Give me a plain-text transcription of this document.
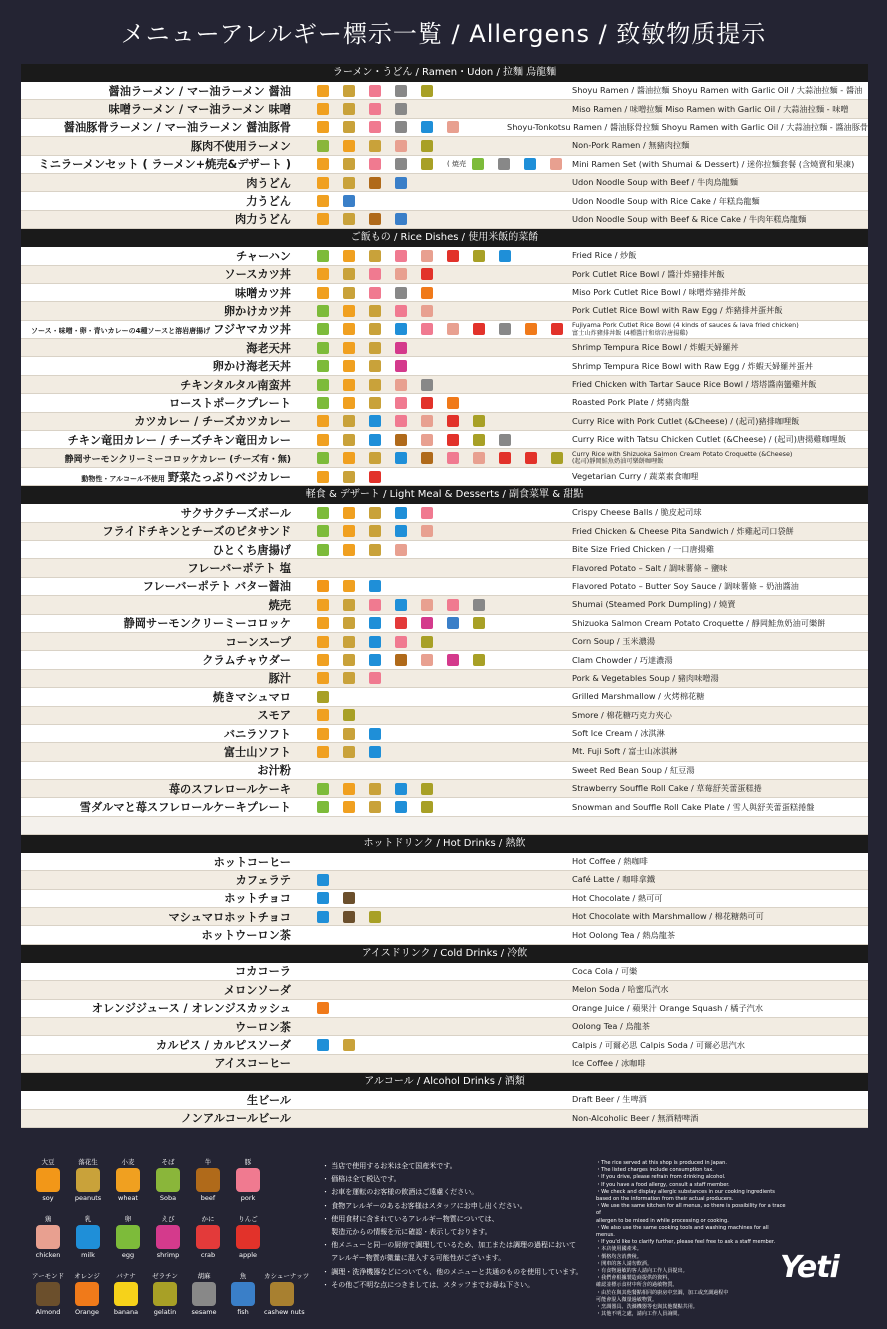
メニューアレルギー標示一覧 / Allergens / 致敏物质提示
ラーメン・うどん / Ramen・Udon / 拉麵 烏龍麵
醤油ラーメン / マー油ラーメン 醤油	Shoyu Ramen / 醬油拉麵 Shoyu Ramen with Garlic Oil / 大蒜油拉麵 - 醬油
味噌ラーメン / マー油ラーメン 味噌	Miso Ramen / 味噌拉麵 Miso Ramen with Garlic Oil / 大蒜油拉麵 - 味噌
醤油豚骨ラーメン / マー油ラーメン 醤油豚骨	Shoyu-Tonkotsu Ramen / 醬油豚骨拉麵 Shoyu Ramen with Garlic Oil / 大蒜油拉麵 - 醬油豚骨
豚肉不使用ラーメン	Non-Pork Ramen / 無豬肉拉麵
ミニラーメンセット ( ラーメン+焼売&デザート )	( 焼売	Mini Ramen Set (with Shumai & Dessert) / 迷你拉麵套餐 (含燒賣和果凍)
肉うどん	Udon Noodle Soup with Beef / 牛肉烏龍麵
力うどん	Udon Noodle Soup with Rice Cake / 年糕烏龍麵
肉力うどん	Udon Noodle Soup with Beef & Rice Cake / 牛肉年糕烏龍麵
ご飯もの / Rice Dishes / 使用米飯的菜餚
チャーハン	Fried Rice / 炒飯
ソースカツ丼	Pork Cutlet Rice Bowl / 醬汁炸豬排丼飯
味噌カツ丼	Miso Pork Cutlet Rice Bowl / 味噌炸豬排丼飯
卵かけカツ丼	Pork Cutlet Rice Bowl with Raw Egg / 炸豬排丼蛋丼飯
ソース・味噌・卵・青いカレーの4種ソースと溶岩唐揚げ フジヤマカツ丼	Fujiyama Pork Cutlet Rice Bowl (4 kinds of sauces & lava fried chicken)
富士山炸豬排丼飯 (4種醬汁和熔岩唐揚雞)
海老天丼	Shrimp Tempura Rice Bowl / 炸蝦天婦羅丼
卵かけ海老天丼	Shrimp Tempura Rice Bowl with Raw Egg / 炸蝦天婦羅丼蛋丼
チキンタルタル南蛮丼	Fried Chicken with Tartar Sauce Rice Bowl / 塔塔醬南蠻雞丼飯
ローストポークプレート	Roasted Pork Plate / 烤豬肉盤
カツカレー / チーズカツカレー	Curry Rice with Pork Cutlet (&Cheese) / (起司)豬排咖哩飯
チキン竜田カレー / チーズチキン竜田カレー	Curry Rice with Tatsu Chicken Cutlet (&Cheese) / (起司)唐揚雞咖哩飯
静岡サーモンクリーミーコロッケカレー (チーズ有・無)
Curry Rice with Shizuoka Salmon Cream Potato Croquette (&Cheese)
(起司)靜岡鮭魚奶油可樂餅咖哩飯
動物性・アルコール不使用 野菜たっぷりベジカレー	Vegetarian Curry / 蔬菜素食咖哩
軽食 & デザート / Light Meal & Desserts / 副食菜單 & 甜點
サクサクチーズボール	Crispy Cheese Balls / 脆皮起司球
フライドチキンとチーズのピタサンド	Fried Chicken & Cheese Pita Sandwich / 炸雞起司口袋餅
ひとくち唐揚げ	Bite Size Fried Chicken / 一口唐揚雞
フレーバーポテト 塩	Flavored Potato – Salt / 調味薯條 – 鹽味
フレーバーポテト バター醤油	Flavored Potato – Butter Soy Sauce / 調味薯條 – 奶油醬油
焼売	Shumai (Steamed Pork Dumpling) / 燒賣
静岡サーモンクリーミーコロッケ	Shizuoka Salmon Cream Potato Croquette / 靜岡鮭魚奶油可樂餅
コーンスープ	Corn Soup / 玉米濃湯
クラムチャウダー	Clam Chowder / 巧達濃湯
豚汁	Pork & Vegetables Soup / 豬肉味噌湯
焼きマシュマロ	Grilled Marshmallow / 火烤棉花糖
スモア	Smore / 棉花糖巧克力夾心
バニラソフト	Soft Ice Cream / 冰淇淋
富士山ソフト	Mt. Fuji Soft / 富士山冰淇淋
お汁粉	Sweet Red Bean Soup / 紅豆湯
苺のスフレロールケーキ	Strawberry Souffle Roll Cake / 草莓舒芙蕾蛋糕捲
雪ダルマと苺スフレロールケーキプレート	Snowman and Souffle Roll Cake Plate / 雪人與舒芙蕾蛋糕捲盤
ホットドリンク / Hot Drinks / 熱飲
ホットコーヒー	Hot Coffee / 熱咖啡
カフェラテ	Café Latte / 咖啡拿鐵
ホットチョコ	Hot Chocolate / 熱可可
マシュマロホットチョコ	Hot Chocolate with Marshmallow / 棉花糖熱可可
ホットウーロン茶	Hot Oolong Tea / 熱烏龍茶
アイスドリンク / Cold Drinks / 冷飲
コカコーラ	Coca Cola / 可樂
メロンソーダ	Melon Soda / 哈蜜瓜汽水
オレンジジュース / オレンジスカッシュ	Orange Juice / 蘋果汁 Orange Squash / 橘子汽水
ウーロン茶	Oolong Tea / 烏龍茶
カルピス / カルピスソーダ	Calpis / 可爾必思 Calpis Soda / 可爾必思汽水
アイスコーヒー	Ice Coffee / 冰咖啡
アルコール / Alcohol Drinks / 酒類
生ビール	Draft Beer / 生啤酒
ノンアルコールビール	Non-Alcoholic Beer / 無酒精啤酒
大豆
soy
落花生
peanuts
小麦
wheat
そば
Soba
牛
beef
豚
pork
鶏
chicken
乳
milk
卵
egg
えび
shrimp
かに
crab
りんご
apple
アーモンド
Almond
オレンジ
Orange
バナナ
banana
ゼラチン
gelatin
胡麻
sesame
魚
fish
カシューナッツ
cashew nuts
・ 当店で使用するお米は全て国産米です。
・ 価格は全て税込です。
・ お車を運転のお客様の飲酒はご遠慮ください。
・ 食物アレルギーのあるお客様はスタッフにお申し出ください。
・ 使用食材に含まれているアレルギー物質については、
　 製造元からの情報を元に確認・表示しております。
・ 他メニューと同一の厨房で調理しているため、加工または調理の過程において
　 アレルギー物質が微量に混入する可能性がございます。
・ 調理・洗浄機器などについても、他のメニューと共通のものを使用しています。
・ その他ご不明な点につきましては、スタッフまでお尋ね下さい。
・The rice served at this shop is produced in Japan.
・The listed charges include consumption tax.
・If you drive, please refrain from drinking alcohol.
・If you have a food allergy, consult a staff member.
・We check and display allergic substances in our cooking ingredients
based on the information from their actual producers.
・We use the same kitchen for all menus, so there is possibility for a trace of
allergen to be mixed in while processing or cooking.
・We also use the same cooking tools and washing machines for all menus.
・If you'd like to clarify further, please feel free to ask a staff member.
・本店使用國產米。
・價格均含消費稅。
・開車的客人請勿飲酒。
・有食物過敏的客人請向工作人員提出。
・我們會根據製造商提供的資料，
確認並標示食材中所含的過敏物質。
・由於在與其他餐點相同的廚房中烹調，加工或烹調過程中
可能會混入微量過敏物質。
・烹調器具、洗滌機器等也與其他餐點共用。
・其他不明之處，請向工作人員詢問。
Yeti
